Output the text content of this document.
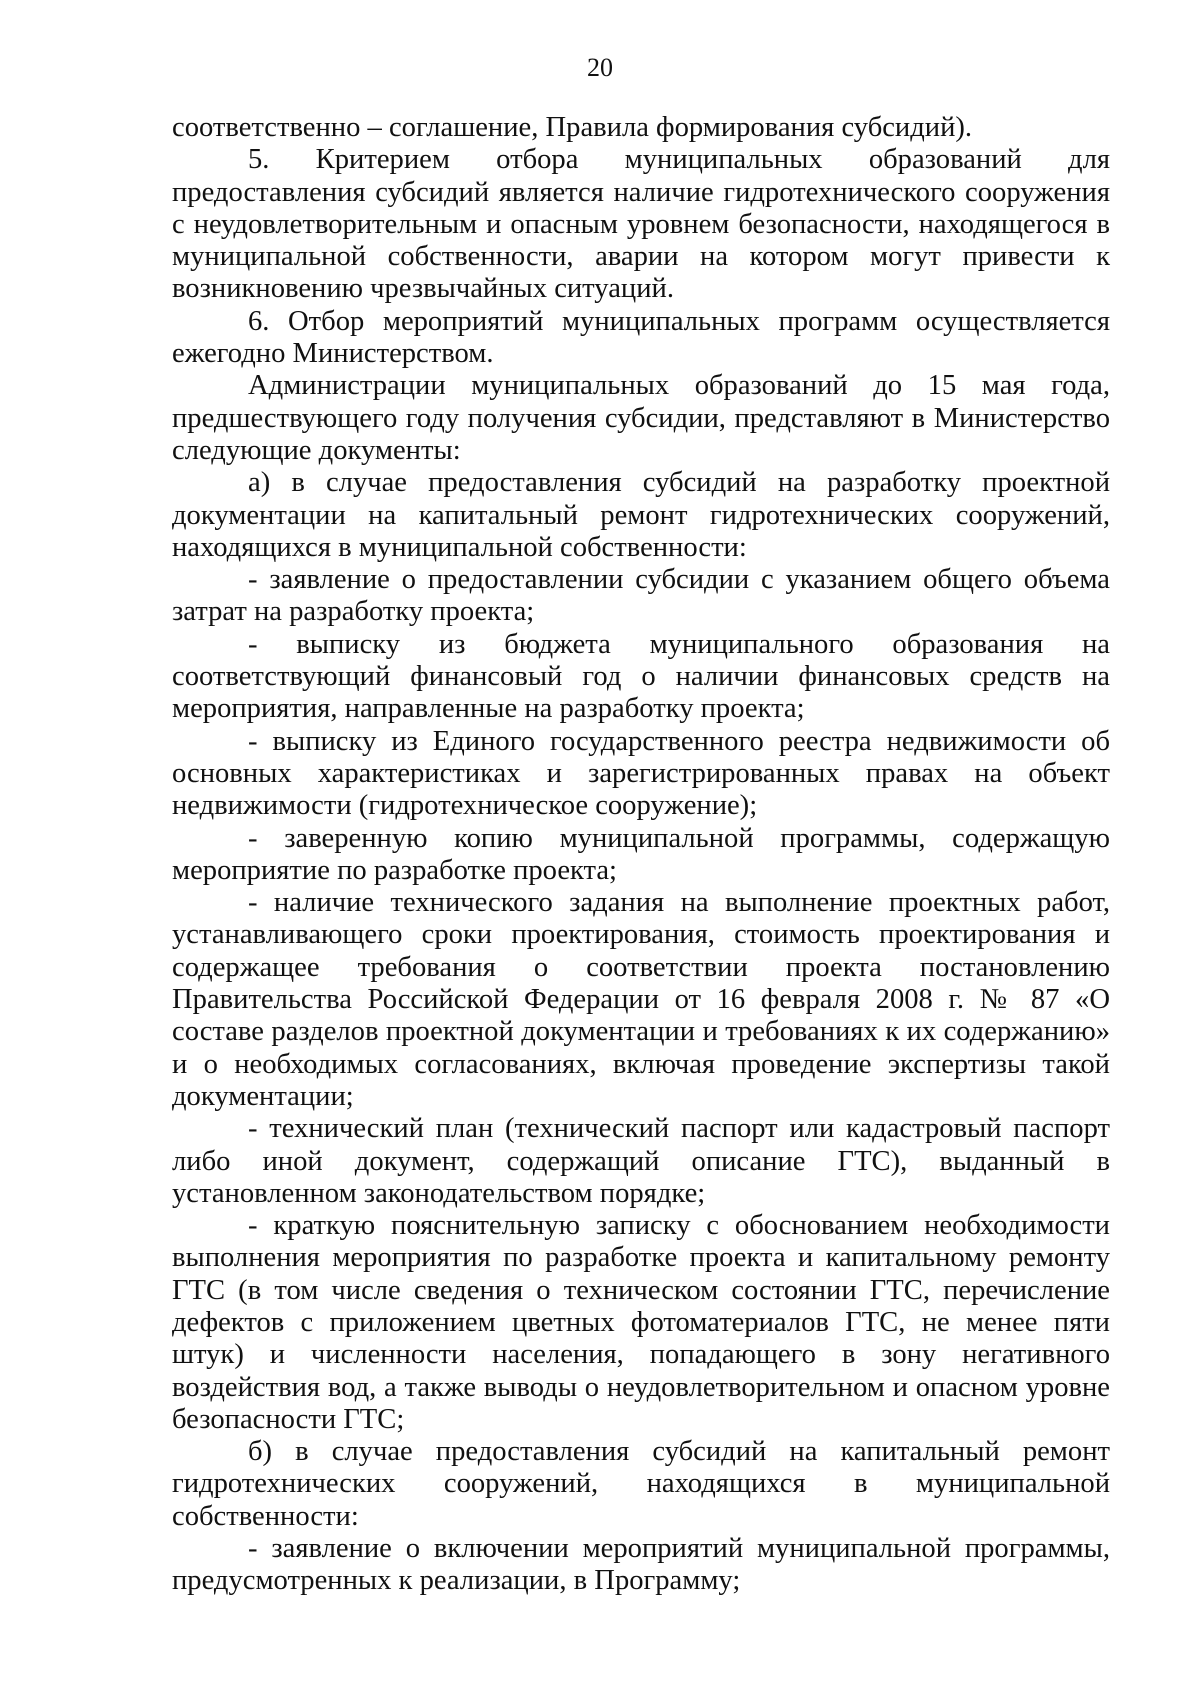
20

соответственно – соглашение, Правила формирования субсидий).

5. Критерием отбора муниципальных образований для предоставления субсидий является наличие гидротехнического сооружения с неудовлетворительным и опасным уровнем безопасности, находящегося в муниципальной собственности, аварии на котором могут привести к возникновению чрезвычайных ситуаций.

6. Отбор мероприятий муниципальных программ осуществляется ежегодно Министерством.

Администрации муниципальных образований до 15 мая года, предшествующего году получения субсидии, представляют в Министерство следующие документы:

а) в случае предоставления субсидий на разработку проектной документации на капитальный ремонт гидротехнических сооружений, находящихся в муниципальной собственности:

- заявление о предоставлении субсидии с указанием общего объема затрат на разработку проекта;

- выписку из бюджета муниципального образования на соответствующий финансовый год о наличии финансовых средств на мероприятия, направленные на разработку проекта;

- выписку из Единого государственного реестра недвижимости об основных характеристиках и зарегистрированных правах на объект недвижимости (гидротехническое сооружение);

- заверенную копию муниципальной программы, содержащую мероприятие по разработке проекта;

- наличие технического задания на выполнение проектных работ, устанавливающего сроки проектирования, стоимость проектирования и содержащее требования о соответствии проекта постановлению Правительства Российской Федерации от 16 февраля 2008 г. № 87 «О составе разделов проектной документации и требованиях к их содержанию» и о необходимых согласованиях, включая проведение экспертизы такой документации;

- технический план (технический паспорт или кадастровый паспорт либо иной документ, содержащий описание ГТС), выданный в установленном законодательством порядке;

- краткую пояснительную записку с обоснованием необходимости выполнения мероприятия по разработке проекта и капитальному ремонту ГТС (в том числе сведения о техническом состоянии ГТС, перечисление дефектов с приложением цветных фотоматериалов ГТС, не менее пяти штук) и численности населения, попадающего в зону негативного воздействия вод, а также выводы о неудовлетворительном и опасном уровне безопасности ГТС;

б) в случае предоставления субсидий на капитальный ремонт гидротехнических сооружений, находящихся в муниципальной собственности:

- заявление о включении мероприятий муниципальной программы, предусмотренных к реализации, в Программу;
